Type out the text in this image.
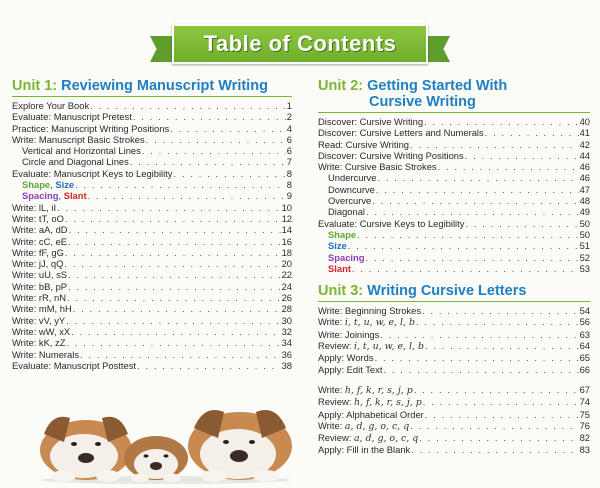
Table of Contents
Unit 1: Reviewing Manuscript Writing
Explore Your Book . . .	1
Evaluate: Manuscript Pretest . . .	2
Practice: Manuscript Writing Positions . . .	4
Write: Manuscript Basic Strokes . . .	6
Vertical and Horizontal Lines . . .	6
Circle and Diagonal Lines . . .	7
Evaluate: Manuscript Keys to Legibility . . .	8
Shape, Size . . .	8
Spacing, Slant . . .	9
Write: lL, iI . . .	10
Write: tT, oO . . .	12
Write: aA, dD . . .	14
Write: cC, eE . . .	16
Write: fF, gG . . .	18
Write: jJ, qQ . . .	20
Write: uU, sS . . .	22
Write: bB, pP . . .	24
Write: rR, nN . . .	26
Write: mM, hH . . .	28
Write: vV, yY . . .	30
Write: wW, xX . . .	32
Write: kK, zZ . . .	34
Write: Numerals . . .	36
Evaluate: Manuscript Posttest . . .	38
Unit 2: Getting Started With
Cursive Writing
Discover: Cursive Writing . . .	40
Discover: Cursive Letters and Numerals . . .	41
Read: Cursive Writing . . .	42
Discover: Cursive Writing Positions . . .	44
Write: Cursive Basic Strokes . . .	46
Undercurve . . .	46
Downcurve . . .	47
Overcurve . . .	48
Diagonal . . .	49
Evaluate: Cursive Keys to Legibility . . .	50
Shape . . .	50
Size . . .	51
Spacing . . .	52
Slant . . .	53
Unit 3: Writing Cursive Letters
Write: Beginning Strokes . . .	54
Write: i, t, u, w, e, l, b . . .	56
Write: Joinings . . .	63
Review: i, t, u, w, e, l, b . . .	64
Apply: Words . . .	65
Apply: Edit Text . . .	66
Write: h, f, k, r, s, j, p . . .	67
Review: h, f, k, r, s, j, p . . .	74
Apply: Alphabetical Order . . .	75
Write: a, d, g, o, c, q . . .	76
Review: a, d, g, o, c, q . . .	82
Apply: Fill in the Blank . . .	83
